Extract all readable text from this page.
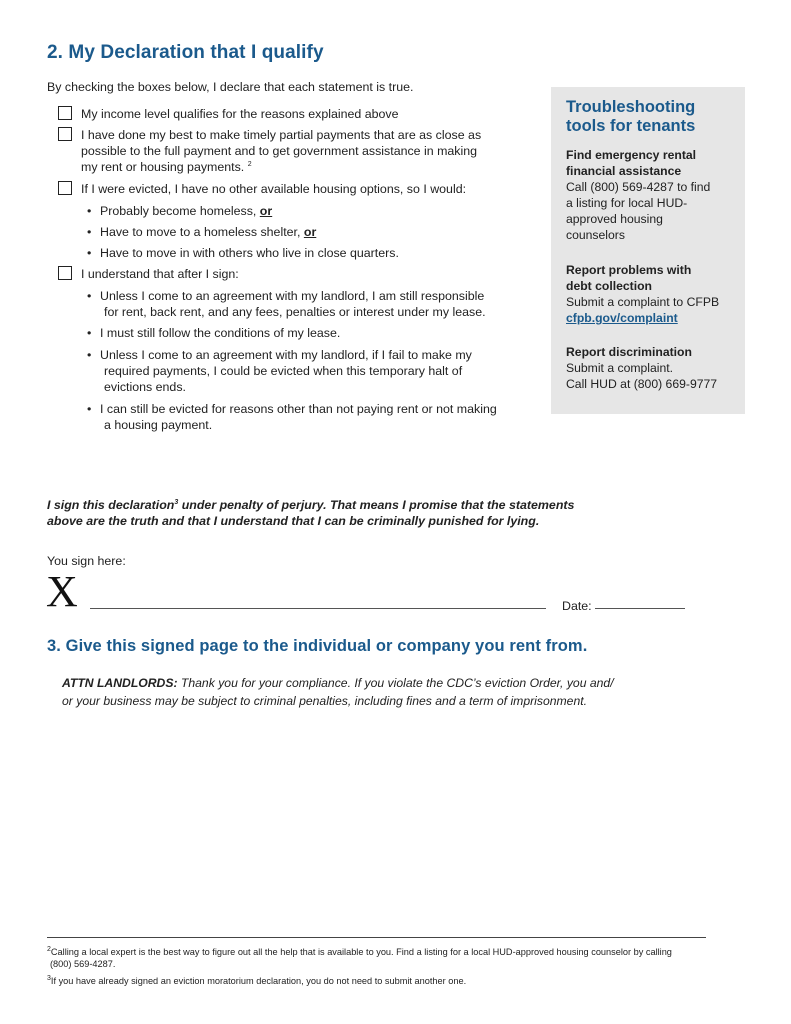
2. My Declaration that I qualify
By checking the boxes below, I declare that each statement is true.
My income level qualifies for the reasons explained above
I have done my best to make timely partial payments that are as close as
possible to the full payment and to get government assistance in making
my rent or housing payments. $^2$
If I were evicted, I have no other available housing options, so I would:
• Probably become homeless, or
• Have to move to a homeless shelter, or
• Have to move in with others who live in close quarters.
I understand that after I sign:
• Unless I come to an agreement with my landlord, I am still responsible
for rent, back rent, and any fees, penalties or interest under my lease.
• I must still follow the conditions of my lease.
• Unless I come to an agreement with my landlord, if I fail to make my
required payments, I could be evicted when this temporary halt of
evictions ends.
• I can still be evicted for reasons other than not paying rent or not making
a housing payment.
Troubleshooting tools for tenants
Find emergency rental financial assistance
Call (800) 569-4287 to find a listing for local HUD-approved housing counselors
Report problems with debt collection
Submit a complaint to CFPB
cfpb.gov/complaint
Report discrimination
Submit a complaint.
Call HUD at (800) 669-9777
I sign this declaration$^3$ under penalty of perjury. That means I promise that the statements
above are the truth and that I understand that I can be criminally punished for lying.
You sign here:
X	Date:
3. Give this signed page to the individual or company you rent from.
ATTN LANDLORDS: Thank you for your compliance. If you violate the CDC’s eviction Order, you and/
or your business may be subject to criminal penalties, including fines and a term of imprisonment.
$^2$Calling a local expert is the best way to figure out all the help that is available to you. Find a listing for a local HUD-approved housing counselor by calling
(800) 569-4287.
$^3$If you have already signed an eviction moratorium declaration, you do not need to submit another one.
